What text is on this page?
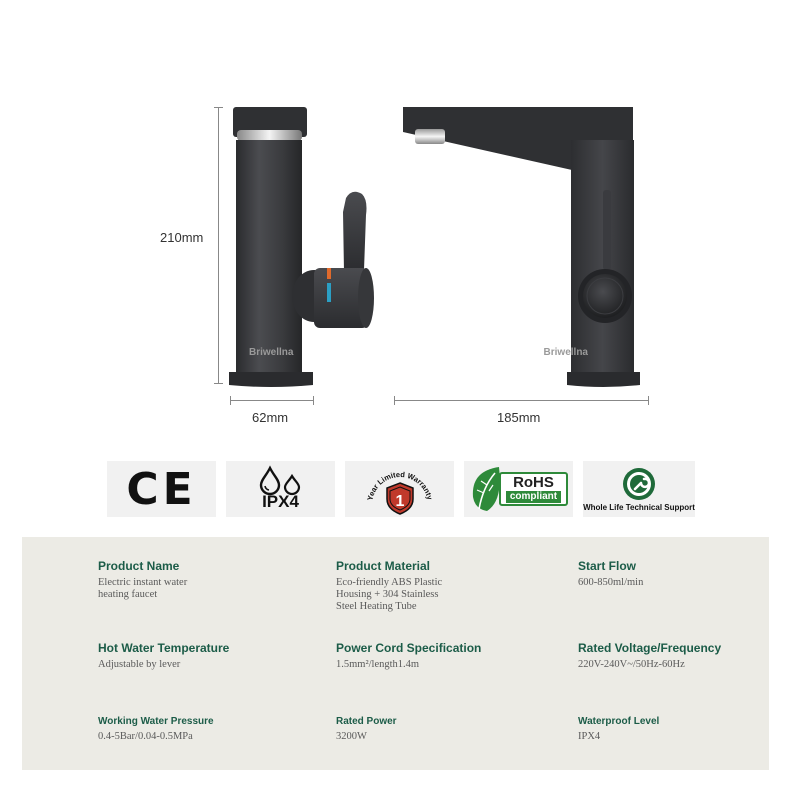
Briwellna	Briwellna
210mm
62mm	185mm
CE	IPX4	Year Limited Warranty
1
RoHS
compliant
Whole Life Technical Support
Product Name
Electric instant water
heating faucet
Product Material
Eco-friendly ABS Plastic
Housing + 304 Stainless
Steel Heating Tube
Start Flow
600-850ml/min
Hot Water Temperature
Adjustable by lever
Power Cord Specification
1.5mm²/length1.4m
Rated Voltage/Frequency
220V-240V~/50Hz-60Hz
Working Water Pressure
0.4-5Bar/0.04-0.5MPa
Rated Power
3200W
Waterproof Level
IPX4
